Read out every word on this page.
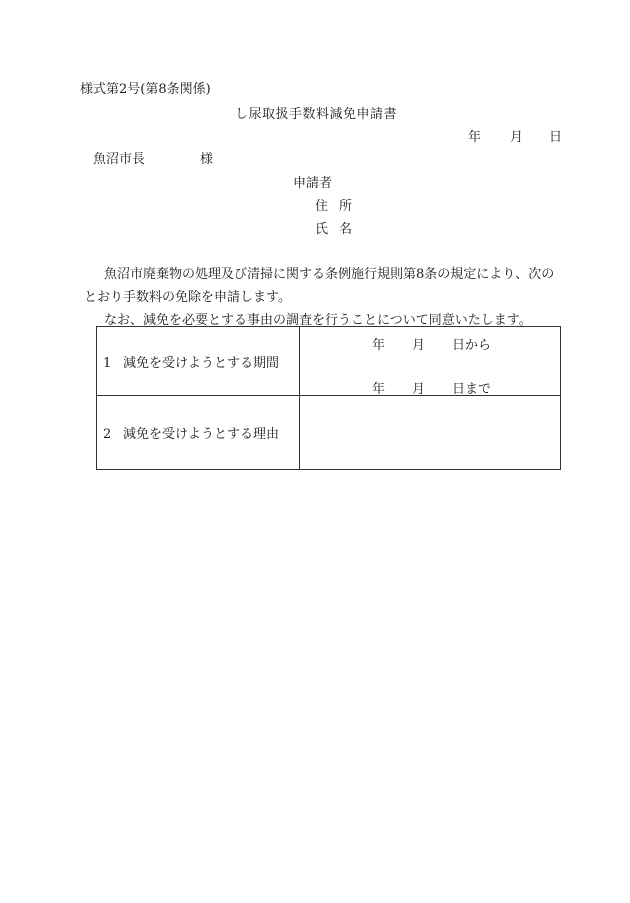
様式第2号(第8条関係)
し尿取扱手数料減免申請書
年 月 日
魚沼市長	様
申請者
住所
氏名

魚沼市廃棄物の処理及び清掃に関する条例施行規則第8条の規定により、次の

とおり手数料の免除を申請します。

なお、減免を必要とする事由の調査を行うことについて同意いたします。

1 減免を受けようとする期間	年 月 日から
年 月 日まで

2 減免を受けようとする理由	
